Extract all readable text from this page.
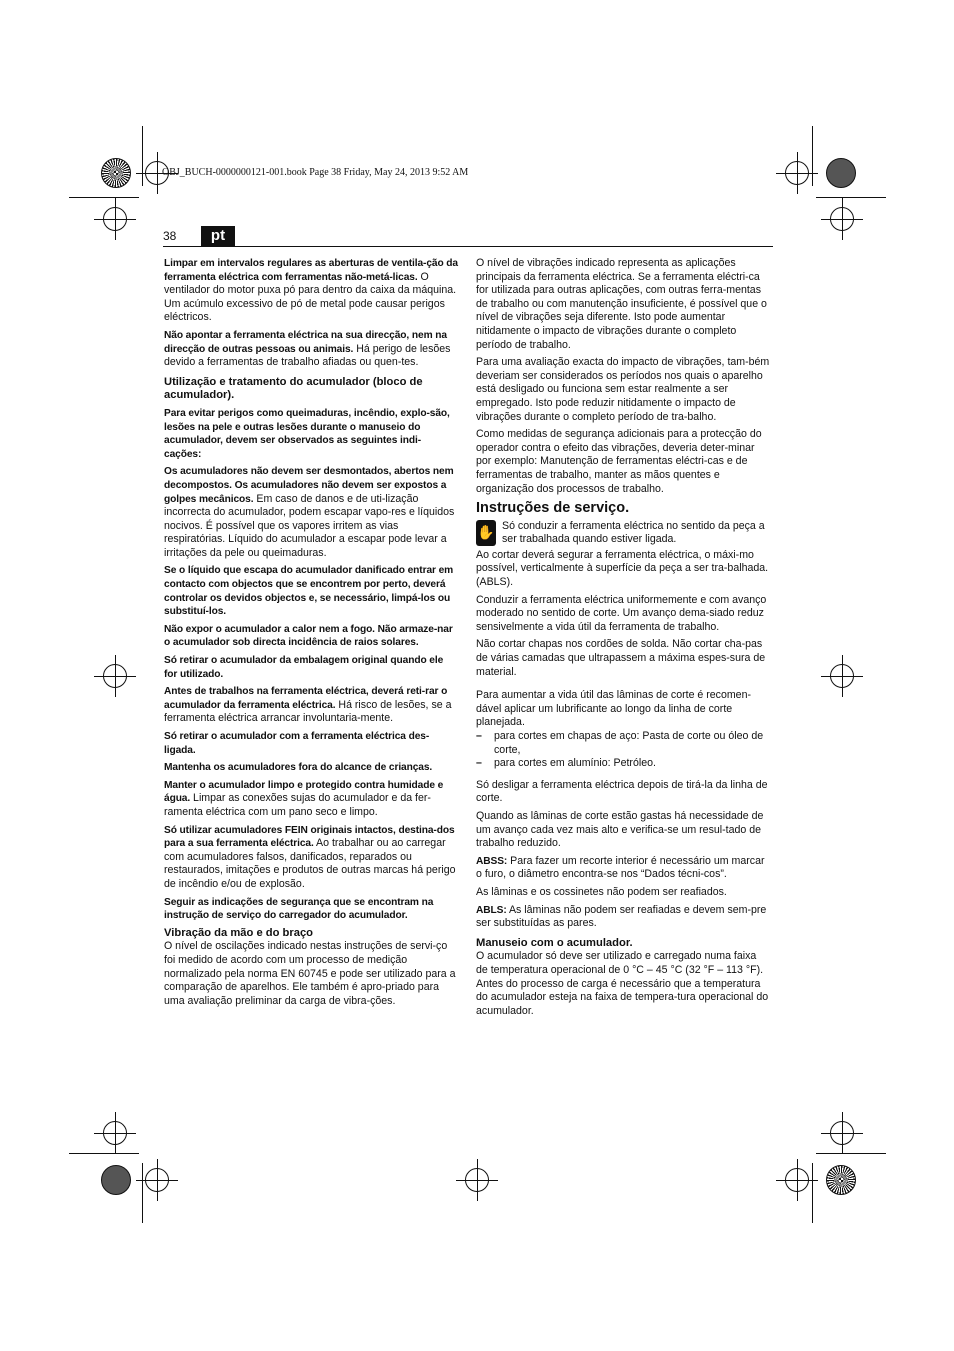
OBJ_BUCH-0000000121-001.book Page 38 Friday, May 24, 2013 9:52 AM
38	pt

Limpar em intervalos regulares as aberturas de ventila-ção da ferramenta eléctrica com ferramentas não-metá-licas. O ventilador do motor puxa pó para dentro da caixa da máquina. Um acúmulo excessivo de pó de metal pode causar perigos eléctricos.

Não apontar a ferramenta eléctrica na sua direcção, nem na direcção de outras pessoas ou animais. Há perigo de lesões devido a ferramentas de trabalho afiadas ou quen-tes.

Utilização e tratamento do acumulador (bloco de acumulador).

Para evitar perigos como queimaduras, incêndio, explo-são, lesões na pele e outras lesões durante o manuseio do acumulador, devem ser observados as seguintes indi-cações:

Os acumuladores não devem ser desmontados, abertos nem decompostos. Os acumuladores não devem ser expostos a golpes mecânicos. Em caso de danos e de uti-lização incorrecta do acumulador, podem escapar vapo-res e líquidos nocivos. É possível que os vapores irritem as vias respiratórias. Líquido do acumulador a escapar pode levar a irritações da pele ou queimaduras.

Se o líquido que escapa do acumulador danificado entrar em contacto com objectos que se encontrem por perto, deverá controlar os devidos objectos e, se necessário, limpá-los ou substituí-los.

Não expor o acumulador a calor nem a fogo. Não armaze-nar o acumulador sob directa incidência de raios solares.

Só retirar o acumulador da embalagem original quando ele for utilizado.

Antes de trabalhos na ferramenta eléctrica, deverá reti-rar o acumulador da ferramenta eléctrica. Há risco de lesões, se a ferramenta eléctrica arrancar involuntaria-mente.

Só retirar o acumulador com a ferramenta eléctrica des-ligada.

Mantenha os acumuladores fora do alcance de crianças.

Manter o acumulador limpo e protegido contra humidade e água. Limpar as conexões sujas do acumulador e da fer-ramenta eléctrica com um pano seco e limpo.

Só utilizar acumuladores FEIN originais intactos, destina-dos para a sua ferramenta eléctrica. Ao trabalhar ou ao carregar com acumuladores falsos, danificados, reparados ou restaurados, imitações e produtos de outras marcas há perigo de incêndio e/ou de explosão.

Seguir as indicações de segurança que se encontram na instrução de serviço do carregador do acumulador.

Vibração da mão e do braço

O nível de oscilações indicado nestas instruções de servi-ço foi medido de acordo com um processo de medição normalizado pela norma EN 60745 e pode ser utilizado para a comparação de aparelhos. Ele também é apro-priado para uma avaliação preliminar da carga de vibra-ções.

O nível de vibrações indicado representa as aplicações principais da ferramenta eléctrica. Se a ferramenta eléctri-ca for utilizada para outras aplicações, com outras ferra-mentas de trabalho ou com manutenção insuficiente, é possível que o nível de vibrações seja diferente. Isto pode aumentar nitidamente o impacto de vibrações durante o completo período de trabalho.

Para uma avaliação exacta do impacto de vibrações, tam-bém deveriam ser considerados os períodos nos quais o aparelho está desligado ou funciona sem estar realmente a ser empregado. Isto pode reduzir nitidamente o impacto de vibrações durante o completo período de tra-balho.

Como medidas de segurança adicionais para a protecção do operador contra o efeito das vibrações, deveria deter-minar por exemplo: Manutenção de ferramentas eléctri-cas e de ferramentas de trabalho, manter as mãos quentes e organização dos processos de trabalho.

Instruções de serviço.
✋ Só conduzir a ferramenta eléctrica no sentido da peça a ser trabalhada quando estiver ligada.

Ao cortar deverá segurar a ferramenta eléctrica, o máxi-mo possível, verticalmente à superfície da peça a ser tra-balhada. (ABLS).

Conduzir a ferramenta eléctrica uniformemente e com avanço moderado no sentido de corte. Um avanço dema-siado reduz sensivelmente a vida útil da ferramenta de trabalho.

Não cortar chapas nos cordões de solda. Não cortar cha-pas de várias camadas que ultrapassem a máxima espes-sura de material.

Para aumentar a vida útil das lâminas de corte é recomen-dável aplicar um lubrificante ao longo da linha de corte planejada.

–	para cortes em chapas de aço: Pasta de corte ou óleo de corte,
–	para cortes em alumínio: Petróleo.

Só desligar a ferramenta eléctrica depois de tirá-la da linha de corte.

Quando as lâminas de corte estão gastas há necessidade de um avanço cada vez mais alto e verifica-se um resul-tado de trabalho reduzido.

ABSS: Para fazer um recorte interior é necessário um marcar o furo, o diâmetro encontra-se nos “Dados técni-cos”.

As lâminas e os cossinetes não podem ser reafiados.

ABLS: As lâminas não podem ser reafiadas e devem sem-pre ser substituídas as pares.

Manuseio com o acumulador.

O acumulador só deve ser utilizado e carregado numa faixa de temperatura operacional de 0 °C – 45 °C (32 °F – 113 °F). Antes do processo de carga é necessário que a temperatura do acumulador esteja na faixa de tempera-tura operacional do acumulador.
